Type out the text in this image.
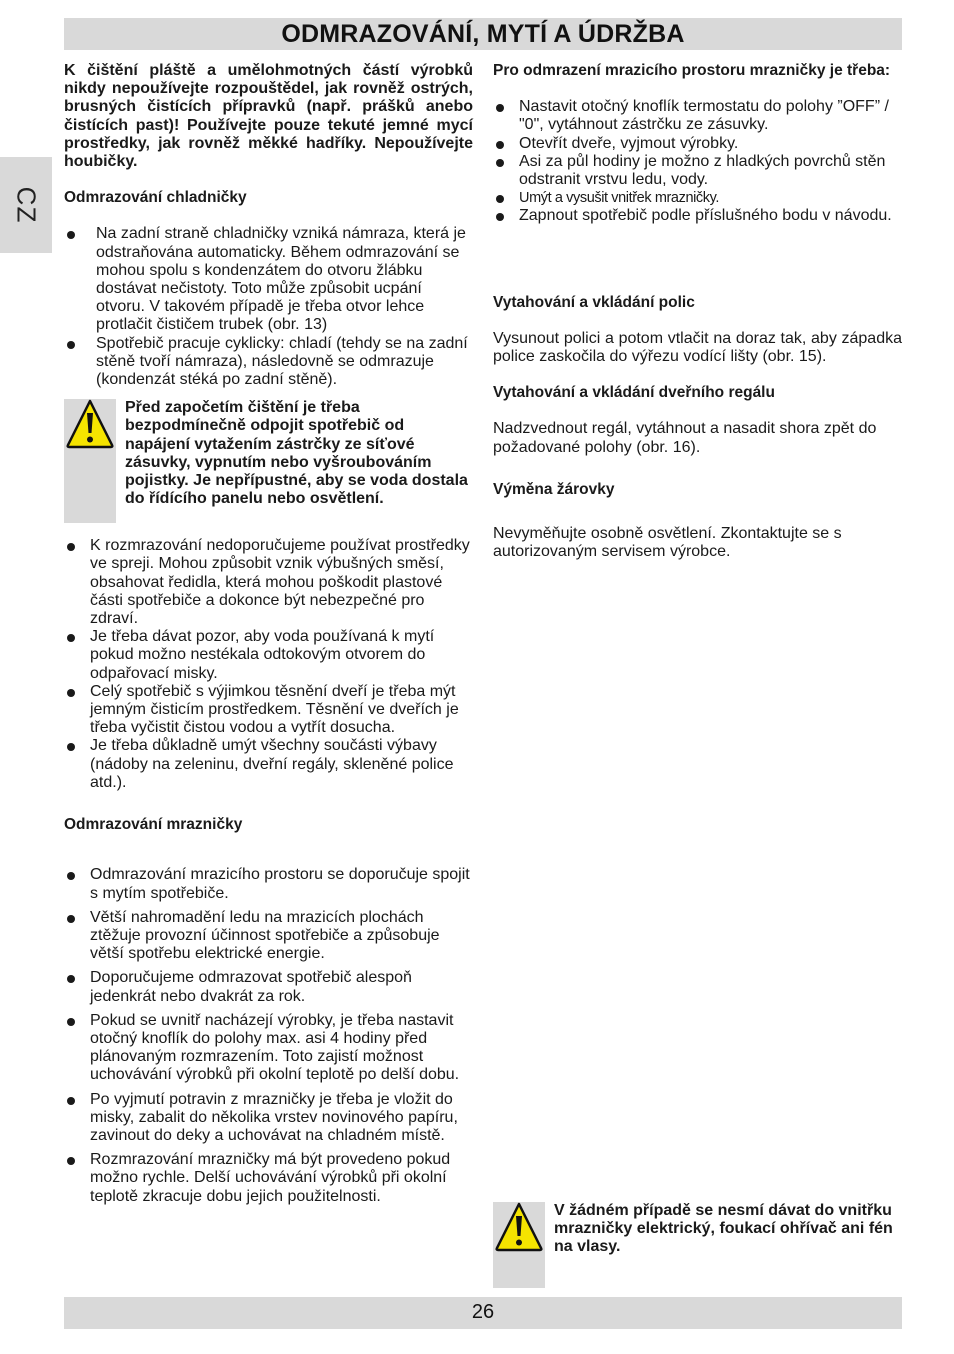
ODMRAZOVÁNÍ, MYTÍ A ÚDRŽBA
CZ

K čištění pláště a umělohmotných částí výrobků nikdy nepoužívejte rozpouštědel, jak rovněž ostrých, brusných čistících přípravků (např. prášků anebo čistících past)! Používejte pouze tekuté jemné mycí prostředky, jak rovněž měkké hadříky. Nepoužívejte houbičky.

Odmrazování chladničky

Na zadní straně chladničky vzniká námraza, která je odstraňována automaticky. Během odmrazování se mohou spolu s kondenzátem do otvoru žlábku dostávat nečistoty. Toto může způsobit ucpání otvoru. V takovém případě je třeba otvor lehce protlačit čističem trubek (obr. 13)
Spotřebič pracuje cyklicky: chladí (tehdy se na zadní stěně tvoří námraza), následovně se odmrazuje (kondenzát stéká po zadní stěně).

Před započetím čištění je třeba bezpodmínečně odpojit spotřebič od napájení vytažením zástrčky ze síťové zásuvky, vypnutím nebo vyšroubováním pojistky. Je nepřípustné, aby se voda dostala do řídícího panelu nebo osvětlení.

K rozmrazování nedoporučujeme používat prostředky ve spreji. Mohou způsobit vznik výbušných směsí, obsahovat ředidla, která mohou poškodit plastové části spotřebiče a dokonce být nebezpečné pro zdraví.
Je třeba dávat pozor, aby voda používaná k mytí pokud možno nestékala odtokovým otvorem do odpařovací misky.
Celý spotřebič s výjimkou těsnění dveří je třeba mýt jemným čisticím prostředkem. Těsnění ve dveřích je třeba vyčistit čistou vodou a vytřít dosucha.
Je třeba důkladně umýt všechny součásti výbavy (nádoby na zeleninu, dveřní regály, skleněné police atd.).

Odmrazování mrazničky

Odmrazování mrazicího prostoru se doporučuje spojit s mytím spotřebiče.
Větší nahromadění ledu na mrazicích plochách ztěžuje provozní účinnost spotřebiče a způsobuje větší spotřebu elektrické energie.
Doporučujeme odmrazovat spotřebič alespoň jedenkrát nebo dvakrát za rok.
Pokud se uvnitř nacházejí výrobky, je třeba nastavit otočný knoflík do polohy max. asi 4 hodiny před plánovaným rozmrazením. Toto zajistí možnost uchovávání výrobků při okolní teplotě po delší dobu.
Po vyjmutí potravin z mrazničky je třeba je vložit do misky, zabalit do několika vrstev novinového papíru, zavinout do deky a uchovávat na chladném místě.
Rozmrazování mrazničky má být provedeno pokud možno rychle. Delší uchovávání výrobků při okolní teplotě zkracuje dobu jejich použitelnosti.

Pro odmrazení mrazicího prostoru mrazničky je třeba:

Nastavit otočný knoflík termostatu do polohy ”OFF” / "0", vytáhnout zástrčku ze zásuvky.
Otevřít dveře, vyjmout výrobky.
Asi za půl hodiny je možno z hladkých povrchů stěn odstranit vrstvu ledu, vody.
Umýt a vysušit vnitřek mrazničky.
Zapnout spotřebič podle příslušného bodu v návodu.

Vytahování a vkládání polic

Vysunout polici a potom vtlačit na doraz tak, aby západka police zaskočila do výřezu vodící lišty (obr. 15).

Vytahování a vkládání dveřního regálu

Nadzvednout regál, vytáhnout a nasadit shora zpět do požadované polohy (obr. 16).

Výměna žárovky

Nevyměňujte osobně osvětlení. Zkontaktujte se s autorizovaným servisem výrobce.

V žádném případě se nesmí dávat do vnitřku mrazničky elektrický, foukací ohřívač ani fén na vlasy.

26
